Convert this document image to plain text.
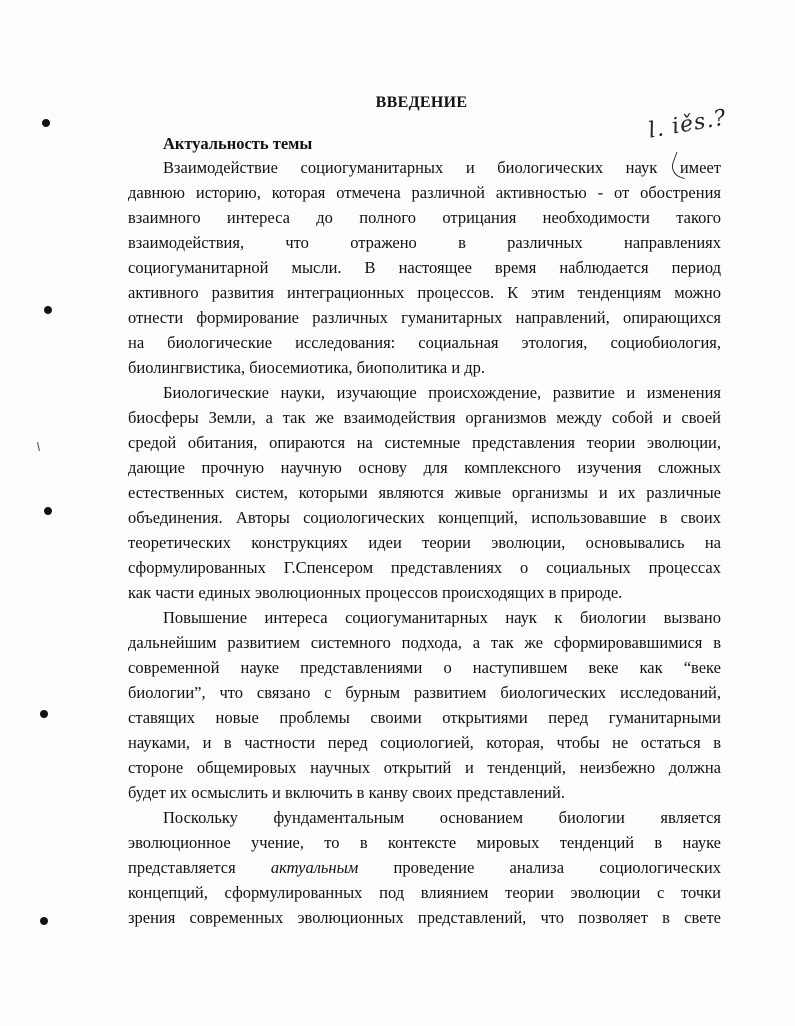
ВВЕДЕНИЕ
Актуальность темы	l. iěs.?
Взаимодействие социогуманитарных и биологических наук имеет
давнюю историю, которая отмечена различной активностью - от обострения
взаимного интереса до полного отрицания необходимости такого
взаимодействия, что отражено в различных направлениях
социогуманитарной мысли. В настоящее время наблюдается период
активного развития интеграционных процессов. К этим тенденциям можно
отнести формирование различных гуманитарных направлений, опирающихся
на биологические исследования: социальная этология, социобиология,
биолингвистика, биосемиотика, биополитика и др.
Биологические науки, изучающие происхождение, развитие и изменения
биосферы Земли, а так же взаимодействия организмов между собой и своей
средой обитания, опираются на системные представления теории эволюции,
дающие прочную научную основу для комплексного изучения сложных
естественных систем, которыми являются живые организмы и их различные
объединения. Авторы социологических концепций, использовавшие в своих
теоретических конструкциях идеи теории эволюции, основывались на
сформулированных Г.Спенсером представлениях о социальных процессах
как части единых эволюционных процессов происходящих в природе.
Повышение интереса социогуманитарных наук к биологии вызвано
дальнейшим развитием системного подхода, а так же сформировавшимися в
современной науке представлениями о наступившем веке как “веке
биологии”, что связано с бурным развитием биологических исследований,
ставящих новые проблемы своими открытиями перед гуманитарными
науками, и в частности перед социологией, которая, чтобы не остаться в
стороне общемировых научных открытий и тенденций, неизбежно должна
будет их осмыслить и включить в канву своих представлений.
Поскольку фундаментальным основанием биологии является
эволюционное учение, то в контексте мировых тенденций в науке
представляется актуальным проведение анализа социологических
концепций, сформулированных под влиянием теории эволюции с точки
зрения современных эволюционных представлений, что позволяет в свете
